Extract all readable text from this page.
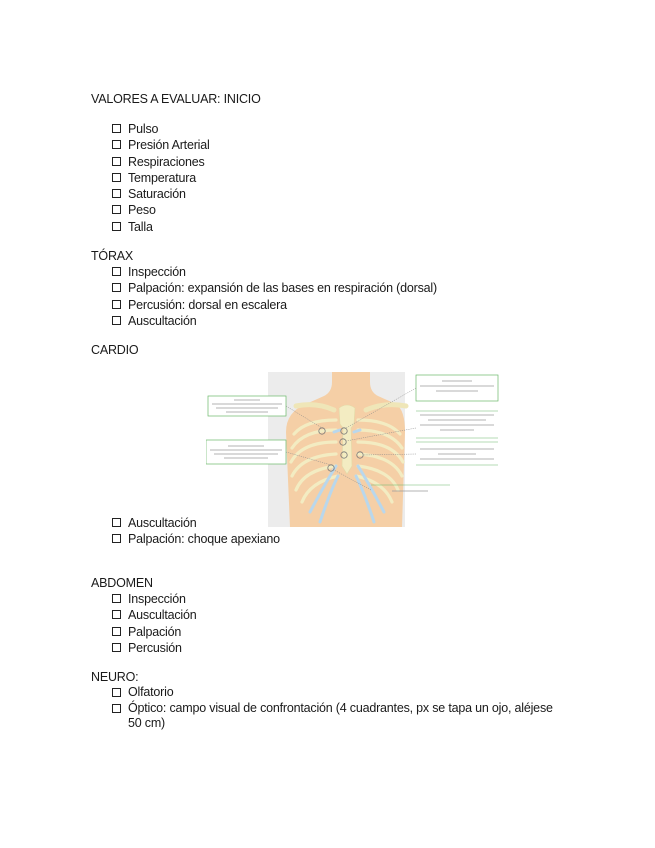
VALORES A EVALUAR: INICIO
Pulso
Presión Arterial
Respiraciones
Temperatura
Saturación
Peso
Talla
TÓRAX
Inspección
Palpación: expansión de las bases en respiración (dorsal)
Percusión: dorsal en escalera
Auscultación
CARDIO
Auscultación
Palpación: choque apexiano
ABDOMEN
Inspección
Auscultación
Palpación
Percusión
NEURO:
Olfatorio
Óptico: campo visual de confrontación (4 cuadrantes, px se tapa un ojo, aléjese 50 cm)
